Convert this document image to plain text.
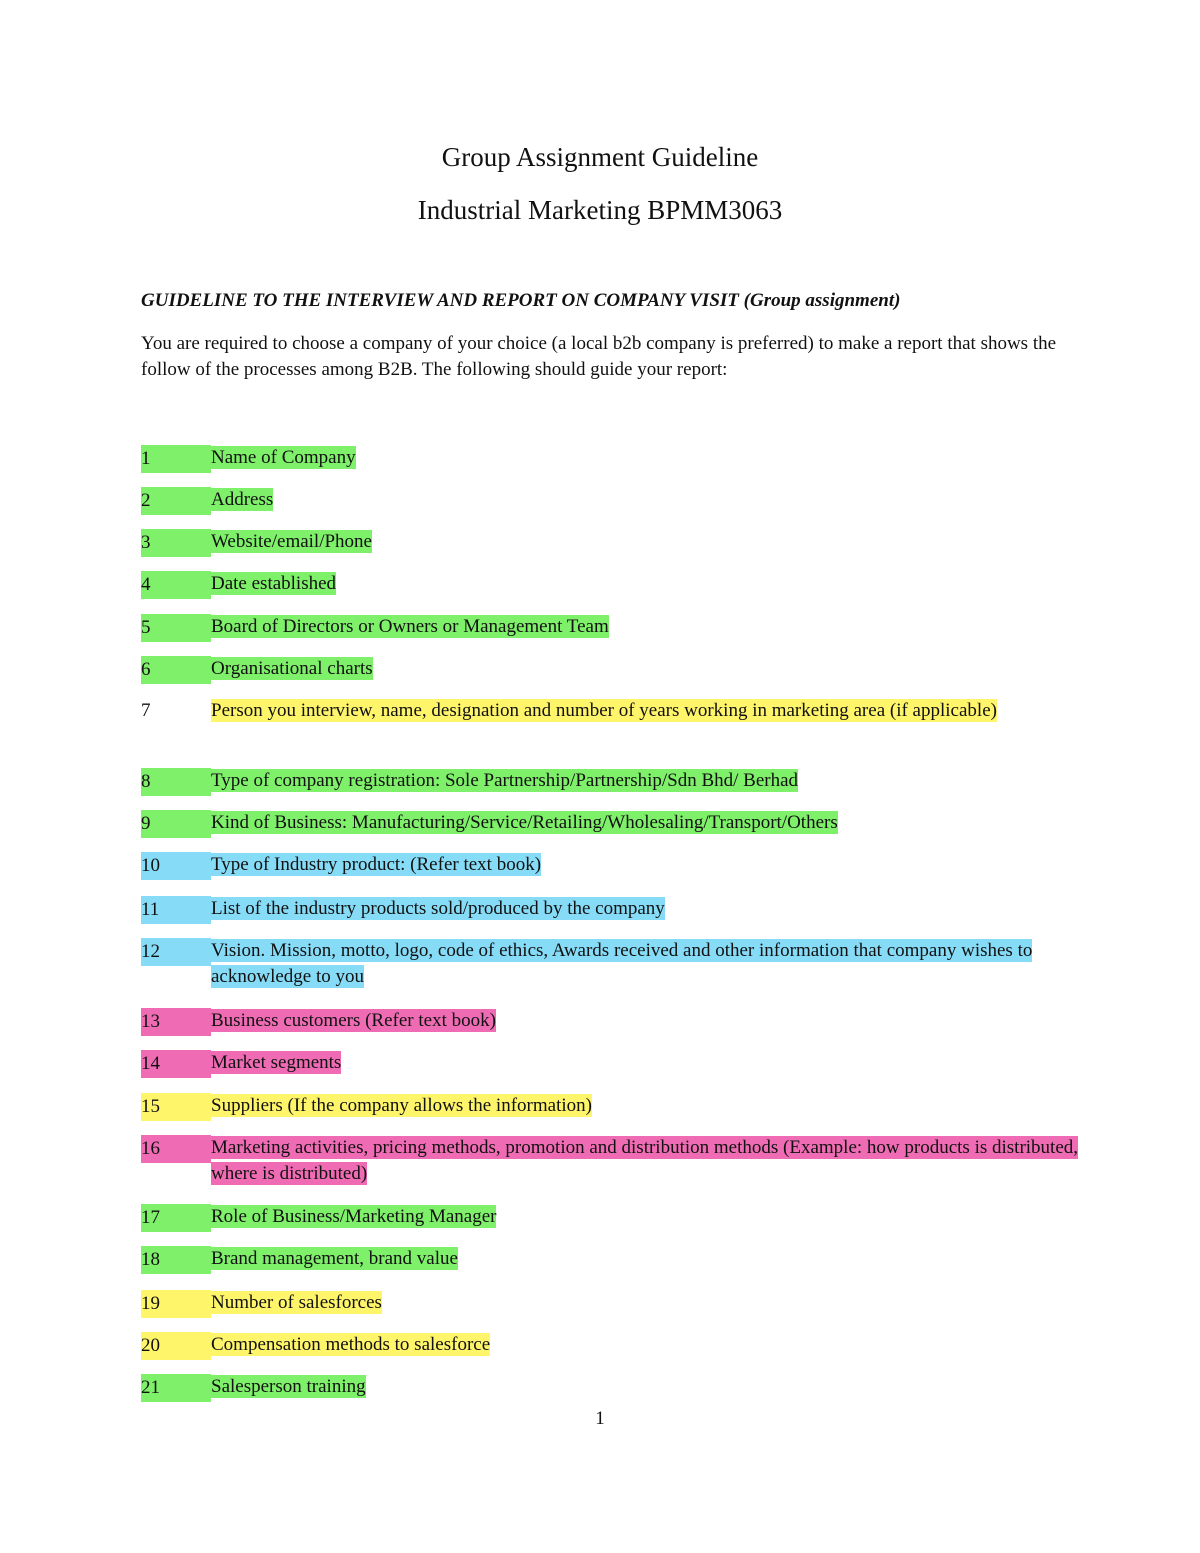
Group Assignment Guideline
Industrial Marketing BPMM3063

GUIDELINE TO THE INTERVIEW AND REPORT ON COMPANY VISIT (Group assignment)

You are required to choose a company of your choice (a local b2b company is preferred) to make a report that shows the follow of the processes among B2B. The following should guide your report:

1	Name of Company
2	Address
3	Website/email/Phone
4	Date established
5	Board of Directors or Owners or Management Team
6	Organisational charts
7	Person you interview, name, designation and number of years working in marketing area (if applicable)
8	Type of company registration: Sole Partnership/Partnership/Sdn Bhd/ Berhad
9	Kind of Business: Manufacturing/Service/Retailing/Wholesaling/Transport/Others
10	Type of Industry product: (Refer text book)
11	List of the industry products sold/produced by the company
12	Vision. Mission, motto, logo, code of ethics, Awards received and other information that company wishes to acknowledge to you
13	Business customers (Refer text book)
14	Market segments
15	Suppliers (If the company allows the information)
16	Marketing activities, pricing methods, promotion and distribution methods (Example: how products is distributed, where is distributed)
17	Role of Business/Marketing Manager
18	Brand management, brand value
19	Number of salesforces
20	Compensation methods to salesforce
21	Salesperson training
1
